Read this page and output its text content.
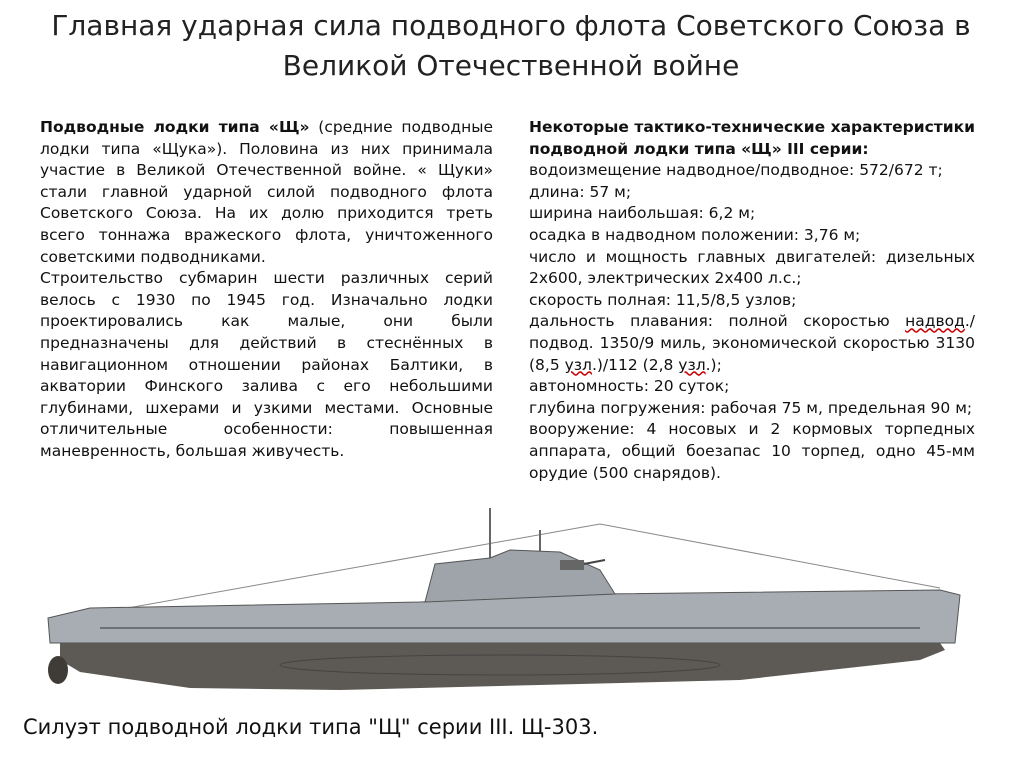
Главная ударная сила подводного флота Советского Союза в Великой Отечественной войне

Подводные лодки типа «Щ» (средние подводные лодки типа «Щука»). Половина из них принимала участие в Великой Отечественной войне. « Щуки» стали главной ударной силой подводного флота Советского Союза. На их долю приходится треть всего тоннажа вражеского флота, уничтоженного советскими подводниками.

Строительство субмарин шести различных серий велось с 1930 по 1945 год. Изначально лодки проектировались как малые, они были предназначены для действий в стеснённых в навигационном отношении районах Балтики, в акватории Финского залива с его небольшими глубинами, шхерами и узкими местами. Основные отличительные особенности: повышенная маневренность, большая живучесть.

Некоторые тактико-технические характеристики подводной лодки типа «Щ» III серии:

водоизмещение надводное/подводное: 572/672 т;

длина: 57 м;

ширина наибольшая: 6,2 м;

осадка в надводном положении: 3,76 м;

число и мощность главных двигателей: дизельных 2х600, электрических 2х400 л.с.;

скорость полная: 11,5/8,5 узлов;

дальность плавания: полной скоростью надвод./подвод. 1350/9 миль, экономической скоростью 3130 (8,5 узл.)/112 (2,8 узл.);

автономность: 20 суток;

глубина погружения: рабочая 75 м, предельная 90 м;

вооружение: 4 носовых и 2 кормовых торпедных аппарата, общий боезапас 10 торпед, одно 45-мм орудие (500 снарядов).

Силуэт подводной лодки типа "Щ" серии III. Щ-303.
